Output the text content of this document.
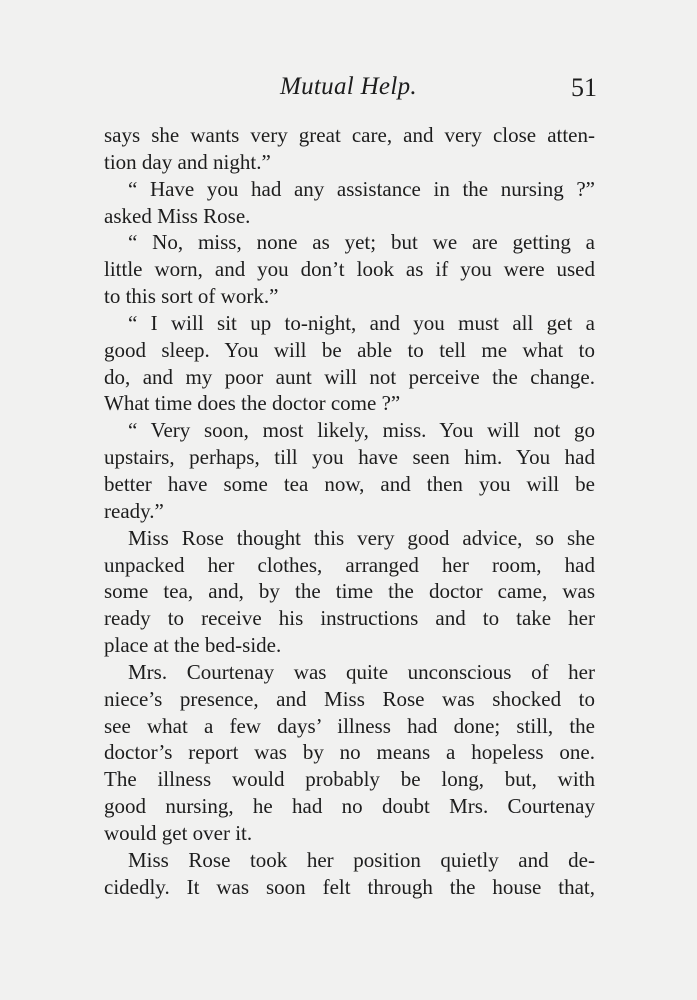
Mutual Help.	51
says she wants very great care, and very close atten-
tion day and night.”
“ Have you had any assistance in the nursing ?”
asked Miss Rose.
“ No, miss, none as yet; but we are getting a
little worn, and you don’t look as if you were used
to this sort of work.”
“ I will sit up to-night, and you must all get a
good sleep. You will be able to tell me what to
do, and my poor aunt will not perceive the change.
What time does the doctor come ?”
“ Very soon, most likely, miss. You will not go
upstairs, perhaps, till you have seen him. You had
better have some tea now, and then you will be
ready.”
Miss Rose thought this very good advice, so she
unpacked her clothes, arranged her room, had
some tea, and, by the time the doctor came, was
ready to receive his instructions and to take her
place at the bed-side.
Mrs. Courtenay was quite unconscious of her
niece’s presence, and Miss Rose was shocked to
see what a few days’ illness had done; still, the
doctor’s report was by no means a hopeless one.
The illness would probably be long, but, with
good nursing, he had no doubt Mrs. Courtenay
would get over it.
Miss Rose took her position quietly and de-
cidedly. It was soon felt through the house that,
